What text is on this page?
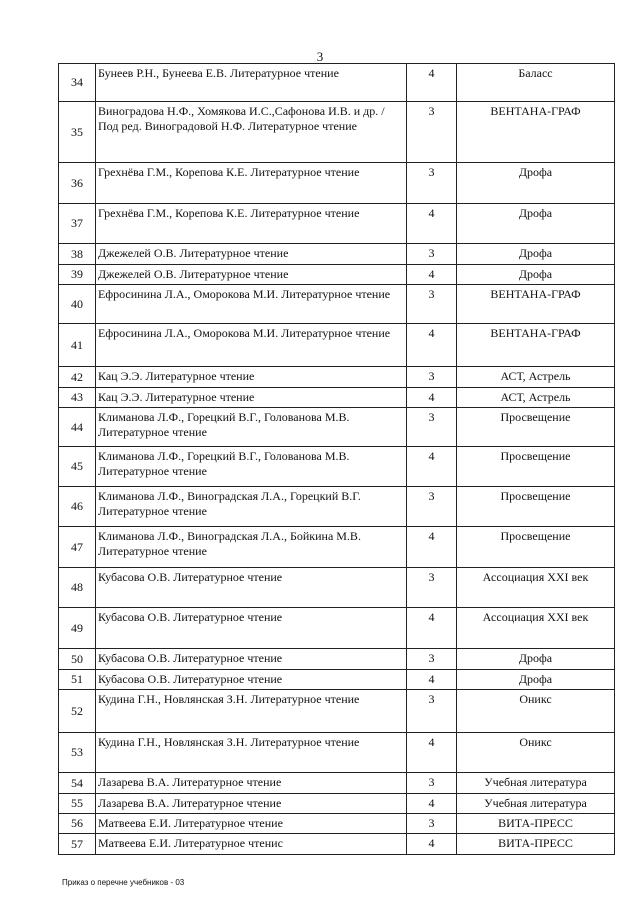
3
34	Бунеев Р.Н., Бунеева Е.В. Литературное чтение	4	Баласс
35	Виноградова Н.Ф., Хомякова И.С.,Сафонова И.В. и др. / Под ред. Виноградовой Н.Ф. Литературное чтение	3	ВЕНТАНА-ГРАФ
36	Грехнёва Г.М., Корепова К.Е. Литературное чтение	3	Дрофа
37	Грехнёва Г.М., Корепова К.Е. Литературное чтение	4	Дрофа
38	Джежелей О.В. Литературное чтение	3	Дрофа
39	Джежелей О.В. Литературное чтение	4	Дрофа
40	Ефросинина Л.А., Оморокова М.И. Литературное чтение	3	ВЕНТАНА-ГРАФ
41	Ефросинина Л.А., Оморокова М.И. Литературное чтение	4	ВЕНТАНА-ГРАФ
42	Кац Э.Э. Литературное чтение	3	АСТ, Астрель
43	Кац Э.Э. Литературное чтение	4	АСТ, Астрель
44	Климанова Л.Ф., Горецкий В.Г., Голованова М.В. Литературное чтение	3	Просвещение
45	Климанова Л.Ф., Горецкий В.Г., Голованова М.В. Литературное чтение	4	Просвещение
46	Климанова Л.Ф., Виноградская Л.А., Горецкий В.Г. Литературное чтение	3	Просвещение
47	Климанова Л.Ф., Виноградская Л.А., Бойкина М.В. Литературное чтение	4	Просвещение
48	Кубасова О.В. Литературное чтение	3	Ассоциация XXI век
49	Кубасова О.В. Литературное чтение	4	Ассоциация XXI век
50	Кубасова О.В. Литературное чтение	3	Дрофа
51	Кубасова О.В. Литературное чтение	4	Дрофа
52	Кудина Г.Н., Новлянская З.Н. Литературное чтение	3	Оникс
53	Кудина Г.Н., Новлянская З.Н. Литературное чтение	4	Оникс
54	Лазарева В.А. Литературное чтение	3	Учебная литература
55	Лазарева В.А. Литературное чтение	4	Учебная литература
56	Матвеева Е.И. Литературное чтение	3	ВИТА-ПРЕСС
57	Матвеева Е.И. Литературное чтенис	4	ВИТА-ПРЕСС
Приказ о перечне учебников - 03
